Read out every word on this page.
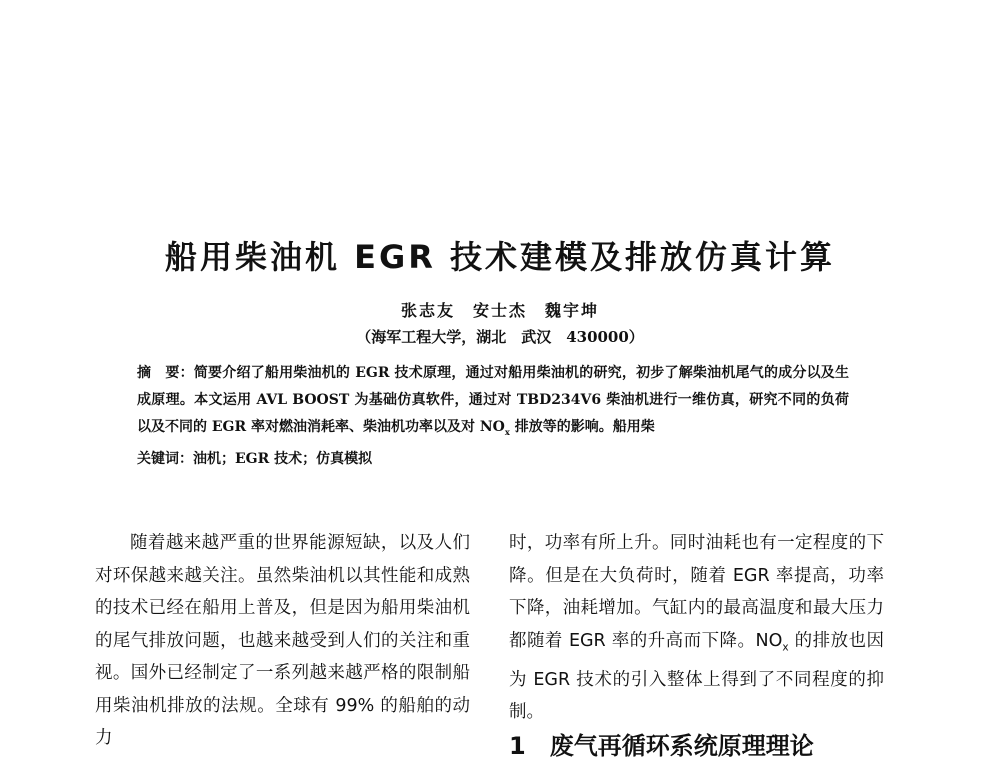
船用柴油机 EGR 技术建模及排放仿真计算
张志友　安士杰　魏宇坤
（海军工程大学，湖北　武汉　430000）
摘　要：简要介绍了船用柴油机的 EGR 技术原理，通过对船用柴油机的研究，初步了解柴油机尾气的成分以及生成原理。本文运用 AVL BOOST 为基础仿真软件，通过对 TBD234V6 柴油机进行一维仿真，研究不同的负荷以及不同的 EGR 率对燃油消耗率、柴油机功率以及对 $NO_x$ 排放等的影响。船用柴
关键词：油机；EGR 技术；仿真模拟

随着越来越严重的世界能源短缺，以及人们对环保越来越关注。虽然柴油机以其性能和成熟的技术已经在船用上普及，但是因为船用柴油机的尾气排放问题，也越来越受到人们的关注和重视。国外已经制定了一系列越来越严格的限制船用柴油机排放的法规。全球有 99% 的船舶的动力

时，功率有所上升。同时油耗也有一定程度的下降。但是在大负荷时，随着 EGR 率提高，功率下降，油耗增加。气缸内的最高温度和最大压力都随着 EGR 率的升高而下降。$NO_x$ 的排放也因为 EGR 技术的引入整体上得到了不同程度的抑制。

1　废气再循环系统原理理论
